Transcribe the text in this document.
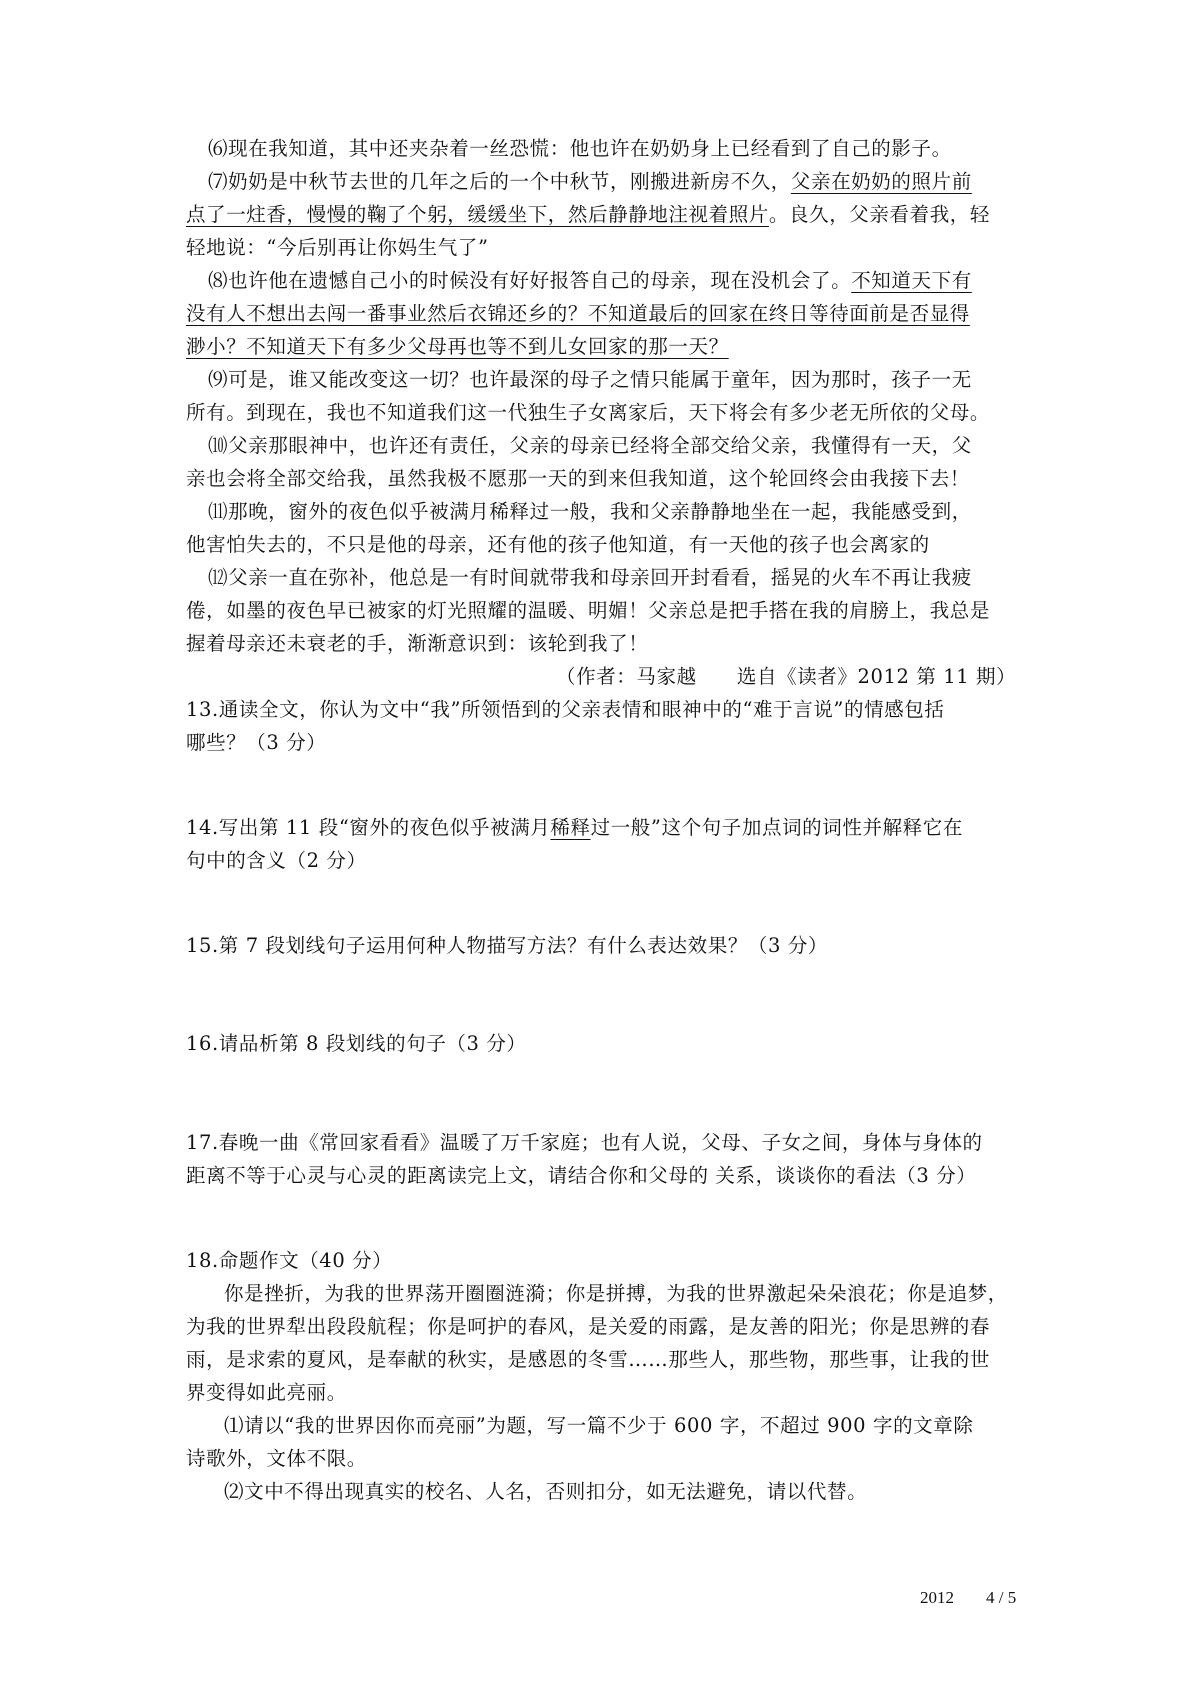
⑹现在我知道，其中还夹杂着一丝恐慌：他也许在奶奶身上已经看到了自己的影子。
⑺奶奶是中秋节去世的几年之后的一个中秋节，刚搬进新房不久，父亲在奶奶的照片前
点了一炷香，慢慢的鞠了个躬，缓缓坐下，然后静静地注视着照片。良久，父亲看着我，轻
轻地说：“今后别再让你妈生气了”
⑻也许他在遗憾自己小的时候没有好好报答自己的母亲，现在没机会了。不知道天下有
没有人不想出去闯一番事业然后衣锦还乡的？不知道最后的回家在终日等待面前是否显得
渺小？不知道天下有多少父母再也等不到儿女回家的那一天？
⑼可是，谁又能改变这一切？也许最深的母子之情只能属于童年，因为那时，孩子一无
所有。到现在，我也不知道我们这一代独生子女离家后，天下将会有多少老无所依的父母。
⑽父亲那眼神中，也许还有责任，父亲的母亲已经将全部交给父亲，我懂得有一天，父
亲也会将全部交给我，虽然我极不愿那一天的到来但我知道，这个轮回终会由我接下去！
⑾那晚，窗外的夜色似乎被满月稀释过一般，我和父亲静静地坐在一起，我能感受到，
他害怕失去的，不只是他的母亲，还有他的孩子他知道，有一天他的孩子也会离家的
⑿父亲一直在弥补，他总是一有时间就带我和母亲回开封看看，摇晃的火车不再让我疲
倦，如墨的夜色早已被家的灯光照耀的温暖、明媚！父亲总是把手搭在我的肩膀上，我总是
握着母亲还未衰老的手，渐渐意识到：该轮到我了！
（作者：马家越　　选自《读者》2012 第 11 期）
13.通读全文，你认为文中“我”所领悟到的父亲表情和眼神中的“难于言说”的情感包括
哪些？（3 分）
14.写出第 11 段“窗外的夜色似乎被满月稀释过一般”这个句子加点词的词性并解释它在
句中的含义（2 分）
15.第 7 段划线句子运用何种人物描写方法？有什么表达效果？（3 分）
16.请品析第 8 段划线的句子（3 分）
17.春晚一曲《常回家看看》温暖了万千家庭；也有人说，父母、子女之间，身体与身体的
距离不等于心灵与心灵的距离读完上文，请结合你和父母的 关系，谈谈你的看法（3 分）
18.命题作文（40 分）
你是挫折，为我的世界荡开圈圈涟漪；你是拼搏，为我的世界激起朵朵浪花；你是追梦，
为我的世界犁出段段航程；你是呵护的春风，是关爱的雨露，是友善的阳光；你是思辨的春
雨，是求索的夏风，是奉献的秋实，是感恩的冬雪……那些人，那些物，那些事，让我的世
界变得如此亮丽。
⑴请以“我的世界因你而亮丽”为题，写一篇不少于 600 字，不超过 900 字的文章除
诗歌外，文体不限。
⑵文中不得出现真实的校名、人名，否则扣分，如无法避免，请以代替。
2012 4 / 5
